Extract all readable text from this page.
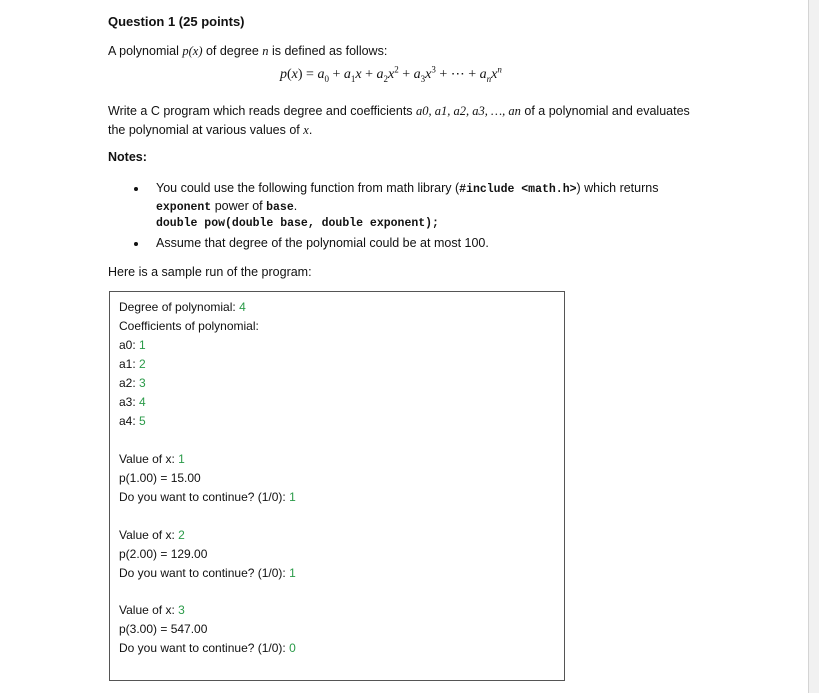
Question 1 (25 points)
A polynomial p(x) of degree n is defined as follows:
$p(x) = a_0 + a_1x + a_2x^2 + a_3x^3$ + ⋯ + $a_nx^n$
Write a C program which reads degree and coefficients a0, a1, a2, a3, …, an of a polynomial and evaluates
the polynomial at various values of x.
Notes:
You could use the following function from math library (#include <math.h>) which returns
exponent power of base.
double pow(double base, double exponent);
Assume that degree of the polynomial could be at most 100.
Here is a sample run of the program:
Degree of polynomial: 4
Coefficients of polynomial:
a0: 1
a1: 2
a2: 3
a3: 4
a4: 5
Value of x: 1
p(1.00) = 15.00
Do you want to continue? (1/0): 1
Value of x: 2
p(2.00) = 129.00
Do you want to continue? (1/0): 1
Value of x: 3
p(3.00) = 547.00
Do you want to continue? (1/0): 0
